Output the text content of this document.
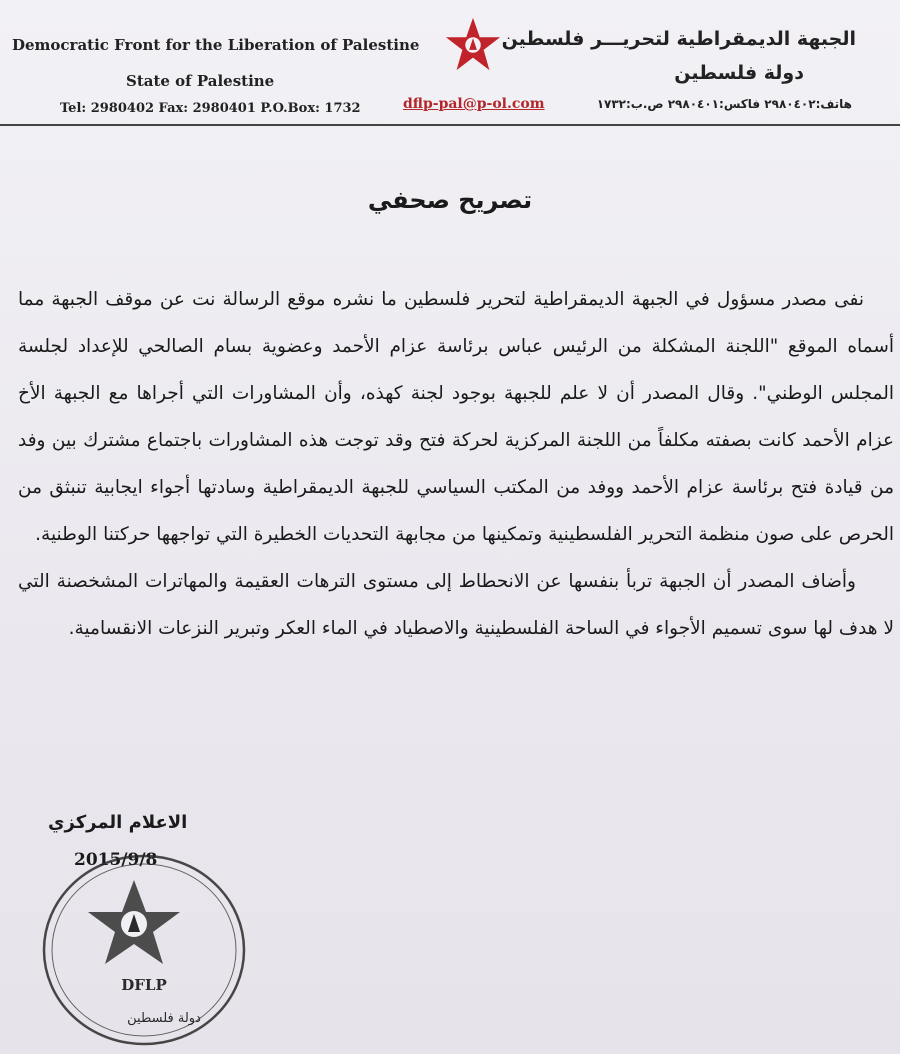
Democratic Front for the Liberation of Palestine
State of Palestine
Tel: 2980402 Fax: 2980401 P.O.Box: 1732
الجبهة الديمقراطية لتحريـــر فلسطين
دولة فلسطين
هاتف:٢٩٨٠٤٠٢ فاكس:٢٩٨٠٤٠١ ص.ب:١٧٣٢
dflp-pal@p-ol.com
تصريح صحفي

نفى مصدر مسؤول في الجبهة الديمقراطية لتحرير فلسطين ما نشره موقع الرسالة نت عن موقف الجبهة مما أسماه الموقع "اللجنة المشكلة من الرئيس عباس برئاسة عزام الأحمد وعضوية بسام الصالحي للإعداد لجلسة المجلس الوطني". وقال المصدر أن لا علم للجبهة بوجود لجنة كهذه، وأن المشاورات التي أجراها مع الجبهة الأخ عزام الأحمد كانت بصفته مكلفاً من اللجنة المركزية لحركة فتح وقد توجت هذه المشاورات باجتماع مشترك بين وفد من قيادة فتح برئاسة عزام الأحمد ووفد من المكتب السياسي للجبهة الديمقراطية وسادتها أجواء ايجابية تنبثق من الحرص على صون منظمة التحرير الفلسطينية وتمكينها من مجابهة التحديات الخطيرة التي تواجهها حركتنا الوطنية.

وأضاف المصدر أن الجبهة تربأ بنفسها عن الانحطاط إلى مستوى الترهات العقيمة والمهاترات المشخصنة التي لا هدف لها سوى تسميم الأجواء في الساحة الفلسطينية والاصطياد في الماء العكر وتبرير النزعات الانقسامية.

الاعلام المركزي
2015/9/8
DFLP
دولة فلسطين
